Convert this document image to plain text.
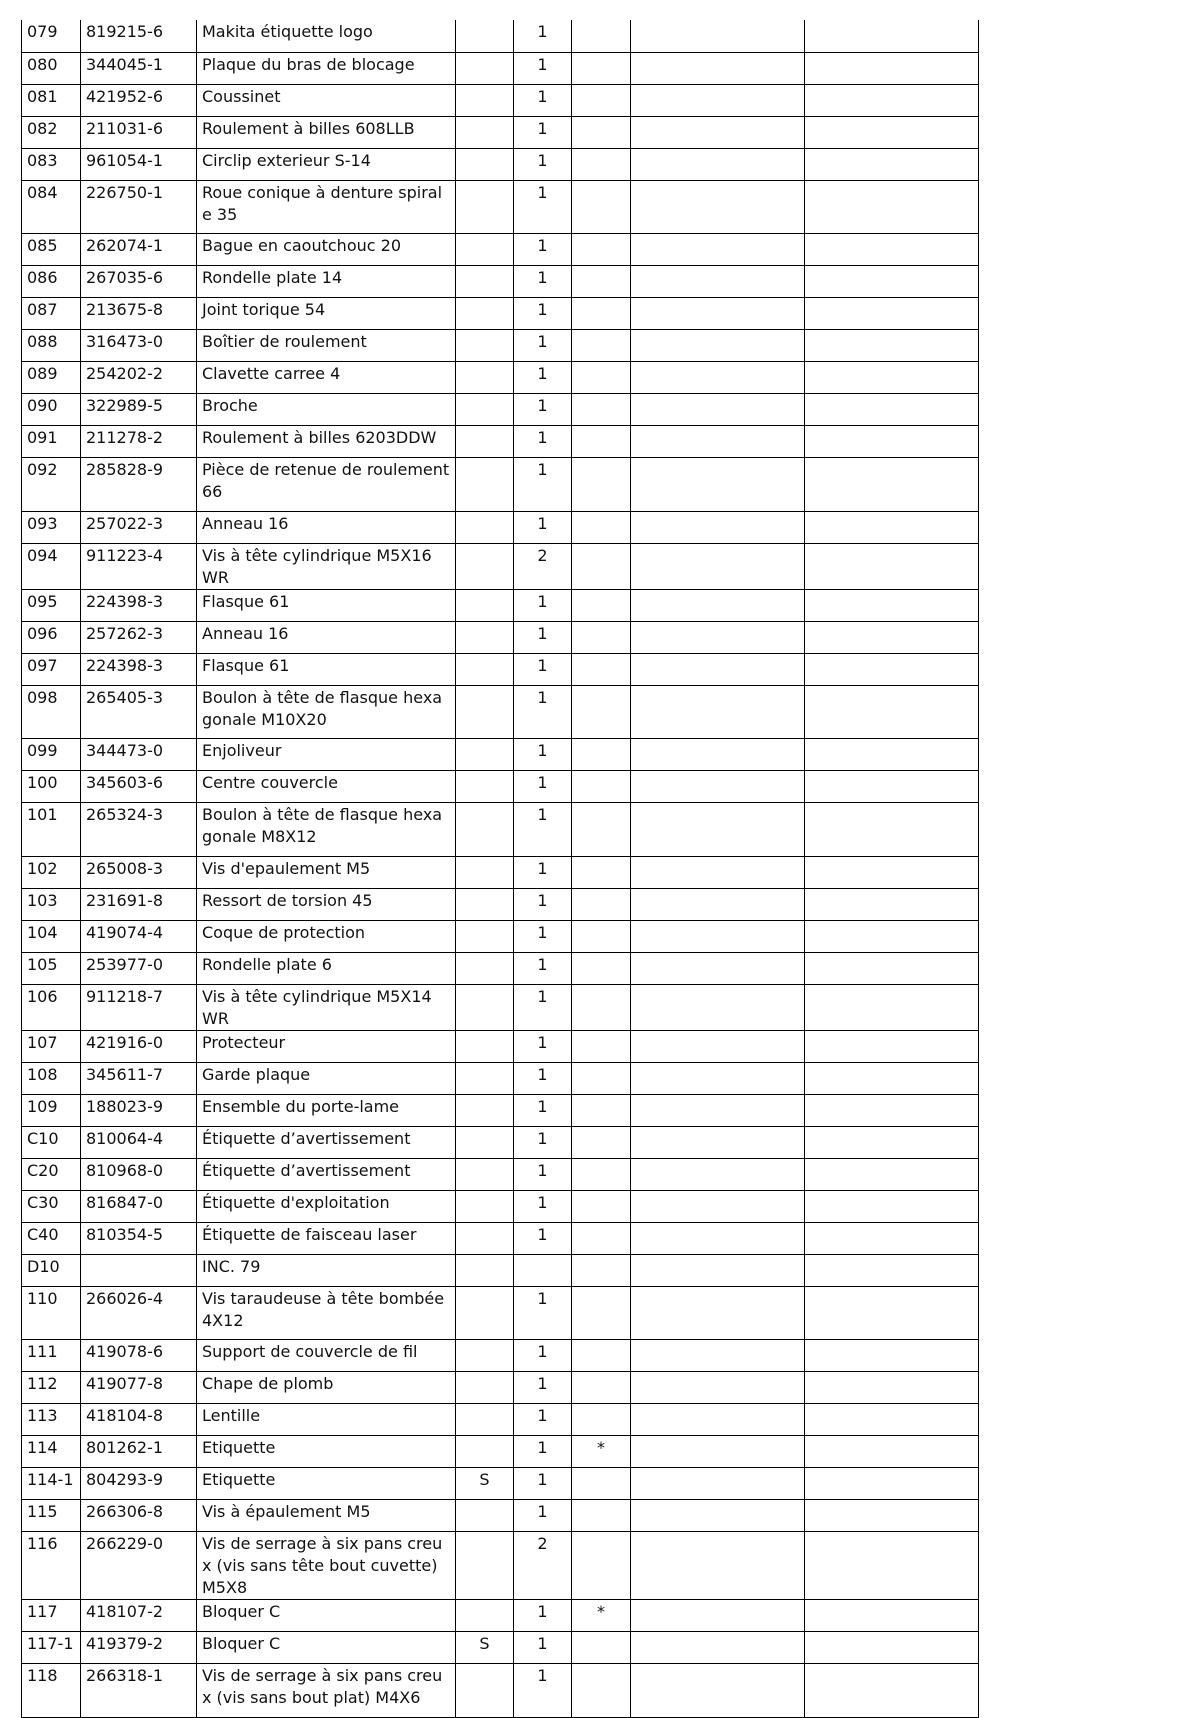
079	819215-6	Makita étiquette logo		1			
080	344045-1	Plaque du bras de blocage		1			
081	421952-6	Coussinet		1			
082	211031-6	Roulement à billes 608LLB		1			
083	961054-1	Circlip exterieur S-14		1			
084	226750-1	Roue conique à denture spirale 35		1			
085	262074-1	Bague en caoutchouc 20		1			
086	267035-6	Rondelle plate 14		1			
087	213675-8	Joint torique 54		1			
088	316473-0	Boîtier de roulement		1			
089	254202-2	Clavette carree 4		1			
090	322989-5	Broche		1			
091	211278-2	Roulement à billes 6203DDW		1			
092	285828-9	Pièce de retenue de roulement 66		1			
093	257022-3	Anneau 16		1			
094	911223-4	Vis à tête cylindrique M5X16 WR		2			
095	224398-3	Flasque 61		1			
096	257262-3	Anneau 16		1			
097	224398-3	Flasque 61		1			
098	265405-3	Boulon à tête de flasque hexagonale M10X20		1			
099	344473-0	Enjoliveur		1			
100	345603-6	Centre couvercle		1			
101	265324-3	Boulon à tête de flasque hexagonale M8X12		1			
102	265008-3	Vis d'epaulement M5		1			
103	231691-8	Ressort de torsion 45		1			
104	419074-4	Coque de protection		1			
105	253977-0	Rondelle plate 6		1			
106	911218-7	Vis à tête cylindrique M5X14 WR		1			
107	421916-0	Protecteur		1			
108	345611-7	Garde plaque		1			
109	188023-9	Ensemble du porte-lame		1			
C10	810064-4	Étiquette d’avertissement		1			
C20	810968-0	Étiquette d’avertissement		1			
C30	816847-0	Étiquette d'exploitation		1			
C40	810354-5	Étiquette de faisceau laser		1			
D10		INC. 79					
110	266026-4	Vis taraudeuse à tête bombée 4X12		1			
111	419078-6	Support de couvercle de fil		1			
112	419077-8	Chape de plomb		1			
113	418104-8	Lentille		1			
114	801262-1	Etiquette		1	*		
114-1	804293-9	Etiquette	S	1			
115	266306-8	Vis à épaulement M5		1			
116	266229-0	Vis de serrage à six pans creux (vis sans tête bout cuvette) M5X8		2			
117	418107-2	Bloquer C		1	*		
117-1	419379-2	Bloquer C	S	1			
118	266318-1	Vis de serrage à six pans creux (vis sans bout plat) M4X6		1			
